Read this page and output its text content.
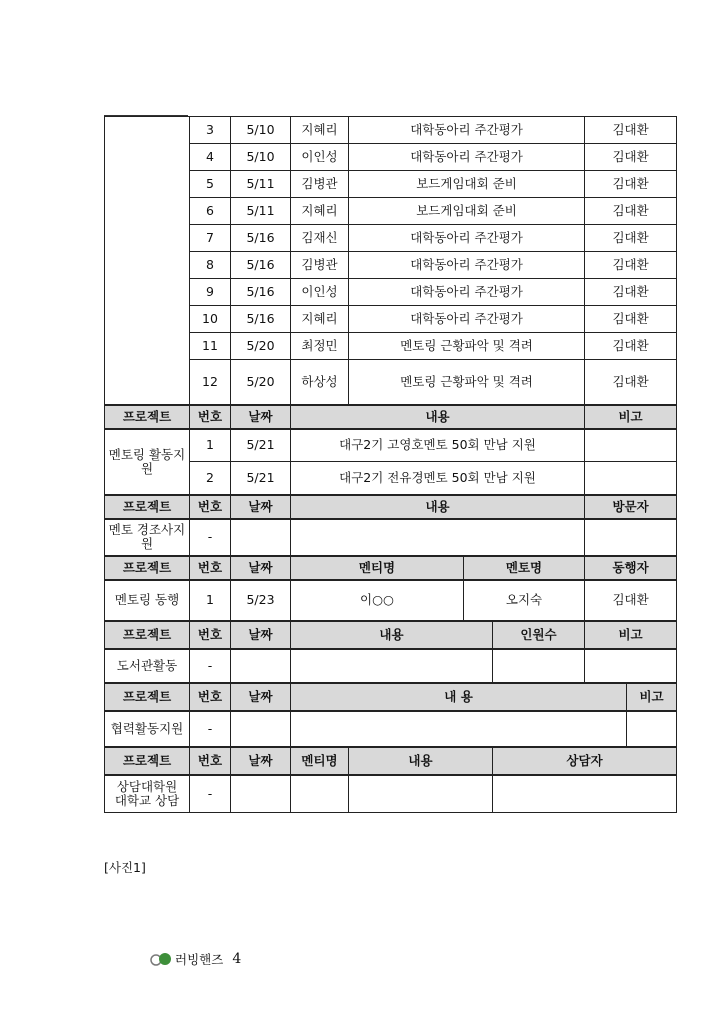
	3	5/10	지혜리	대학동아리 주간평가			김대환	
	4	5/10	이인성	대학동아리 주간평가			김대환	
	5	5/11	김병관	보드게임대회 준비			김대환	
	6	5/11	지혜리	보드게임대회 준비			김대환	
	7	5/16	김재신	대학동아리 주간평가			김대환	
	8	5/16	김병관	대학동아리 주간평가			김대환	
	9	5/16	이인성	대학동아리 주간평가			김대환	
	10	5/16	지혜리	대학동아리 주간평가			김대환	
	11	5/20	최정민	멘토링 근황파악 및 격려			김대환	
	12	5/20	하상성	멘토링 근황파악 및 격려			김대환	
프로젝트	번호	날짜	내용				비고	
멘토링 활동지원	1	5/21	대구2기 고영호멘토 50회 만남 지원					
	2	5/21	대구2기 전유경멘토 50회 만남 지원					
프로젝트	번호	날짜	내용				방문자	
멘토 경조사지원	-							
프로젝트	번호	날짜	멘티명		멘토명		동행자	
멘토링 동행	1	5/23	이○○		오지숙		김대환	
프로젝트	번호	날짜	내용			인원수	비고	
도서관활동	-							
프로젝트	번호	날짜	내 용					비고
협력활동지원	-							
프로젝트	번호	날짜	멘티명	내용		상담자		
상담대학원 대학교 상담	-							
[사진1]
러빙핸즈 4
